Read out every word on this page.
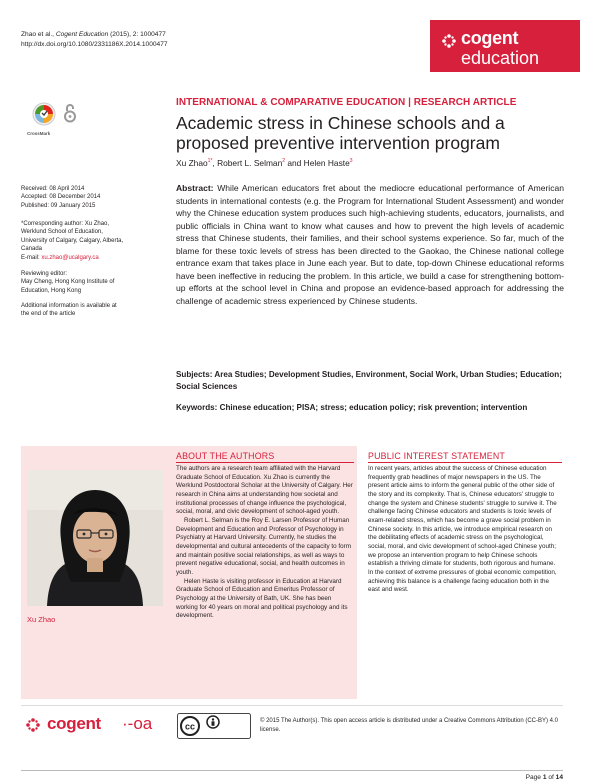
Zhao et al., Cogent Education (2015), 2: 1000477
http://dx.doi.org/10.1080/2331186X.2014.1000477	cogent
education
CrossMark
INTERNATIONAL & COMPARATIVE EDUCATION | RESEARCH ARTICLE
Academic stress in Chinese schools and a
proposed preventive intervention program
Xu Zhao$^{1*}$, Robert L. Selman$^2$ and Helen Haste$^3$
Received: 08 April 2014
Accepted: 08 December 2014
Published: 09 January 2015
*Corresponding author: Xu Zhao,
Werklund School of Education,
University of Calgary, Calgary, Alberta,
Canada
E-mail: xu.zhao@ucalgary.ca
Reviewing editor:
May Cheng, Hong Kong Institute of
Education, Hong Kong
Additional information is available at
the end of the article
Abstract: While American educators fret about the mediocre educational performance of American students in international contests (e.g. the Program for International Student Assessment) and wonder why the Chinese education system produces such high-achieving students, educators, journalists, and public officials in China want to know what causes and how to prevent the high levels of academic stress that Chinese students, their families, and their school systems experience. So far, much of the blame for these toxic levels of stress has been directed to the Gaokao, the Chinese national college entrance exam that takes place in June each year. But to date, top-down Chinese educational reforms have been ineffective in reducing the problem. In this article, we build a case for strengthening bottom-up efforts at the school level in China and propose an evidence-based approach for addressing the challenge of academic stress experienced by Chinese students.
Subjects: Area Studies; Development Studies, Environment, Social Work, Urban Studies; Education; Social Sciences
Keywords: Chinese education; PISA; stress; education policy; risk prevention; intervention
ABOUT THE AUTHORS
Xu Zhao

The authors are a research team affiliated with the Harvard Graduate School of Education. Xu Zhao is currently the Werklund Postdoctoral Scholar at the University of Calgary. Her research in China aims at understanding how societal and institutional processes of change influence the psychological, social, moral, and civic development of school-aged youth.

Robert L. Selman is the Roy E. Larsen Professor of Human Development and Education and Professor of Psychology in Psychiatry at Harvard University. Currently, he studies the developmental and cultural antecedents of the capacity to form and maintain positive social relationships, as well as ways to prevent negative educational, social, and health outcomes in youth.

Helen Haste is visiting professor in Education at Harvard Graduate School of Education and Emeritus Professor of Psychology at the University of Bath, UK. She has been working for 40 years on moral and political psychology and its development.

PUBLIC INTEREST STATEMENT
In recent years, articles about the success of Chinese education frequently grab headlines of major newspapers in the US. The present article aims to inform the general public of the other side of the story and its complexity. That is, Chinese educators' struggle to change the system and Chinese students' struggle to survive it. The challenge facing Chinese educators and students is toxic levels of exam-related stress, which has become a grave social problem in Chinese society. In this article, we introduce empirical research on the debilitating effects of academic stress on the psychological, social, moral, and civic development of school-aged Chinese youth; we propose an intervention program to help Chinese schools establish a thriving climate for students, both rigorous and humane. In the context of extreme pressures of global economic competition, achieving this balance is a challenge facing education both in the east and west.
cogent ·-oa	cc
© 2015 The Author(s). This open access article is distributed under a Creative Commons Attribution (CC-BY) 4.0 license.
Page 1 of 14
